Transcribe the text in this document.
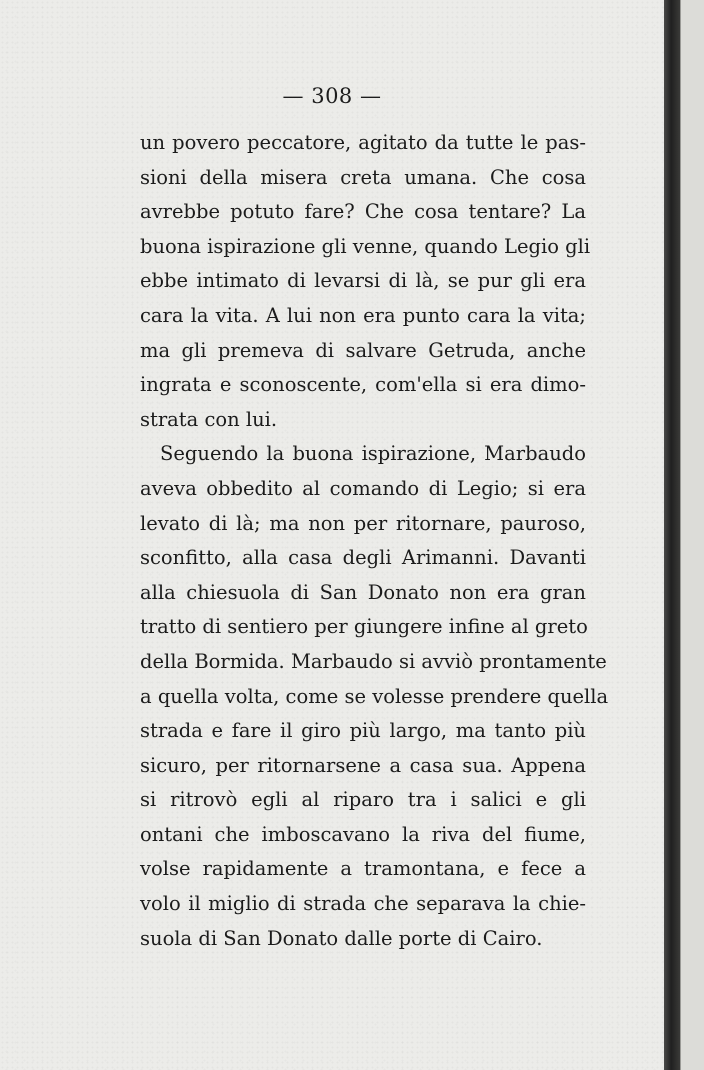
— 308 —
un povero peccatore, agitato da tutte le pas-
sioni della misera creta umana. Che cosa
avrebbe potuto fare? Che cosa tentare? La
buona ispirazione gli venne, quando Legio gli
ebbe intimato di levarsi di là, se pur gli era
cara la vita. A lui non era punto cara la vita;
ma gli premeva di salvare Getruda, anche
ingrata e sconoscente, com'ella si era dimo-
strata con lui.
Seguendo la buona ispirazione, Marbaudo
aveva obbedito al comando di Legio; si era
levato di là; ma non per ritornare, pauroso,
sconfitto, alla casa degli Arimanni. Davanti
alla chiesuola di San Donato non era gran
tratto di sentiero per giungere infine al greto
della Bormida. Marbaudo si avviò prontamente
a quella volta, come se volesse prendere quella
strada e fare il giro più largo, ma tanto più
sicuro, per ritornarsene a casa sua. Appena
si ritrovò egli al riparo tra i salici e gli
ontani che imboscavano la riva del fiume,
volse rapidamente a tramontana, e fece a
volo il miglio di strada che separava la chie-
suola di San Donato dalle porte di Cairo.
